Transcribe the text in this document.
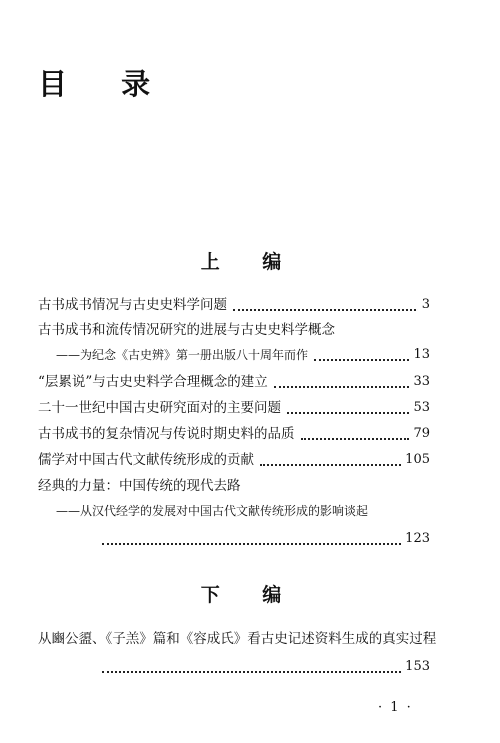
目 录
上 编
古书成书情况与古史史料学问题	3
古书成书和流传情况研究的进展与古史史料学概念
——为纪念《古史辨》第一册出版八十周年而作	13
“层累说”与古史史料学合理概念的建立	33
二十一世纪中国古史研究面对的主要问题	53
古书成书的复杂情况与传说时期史料的品质	79
儒学对中国古代文献传统形成的贡献	105
经典的力量：中国传统的现代去路
——从汉代经学的发展对中国古代文献传统形成的影响谈起
123
下 编
从豳公盨、《子羔》篇和《容成氏》看古史记述资料生成的真实过程
153
· 1 ·
